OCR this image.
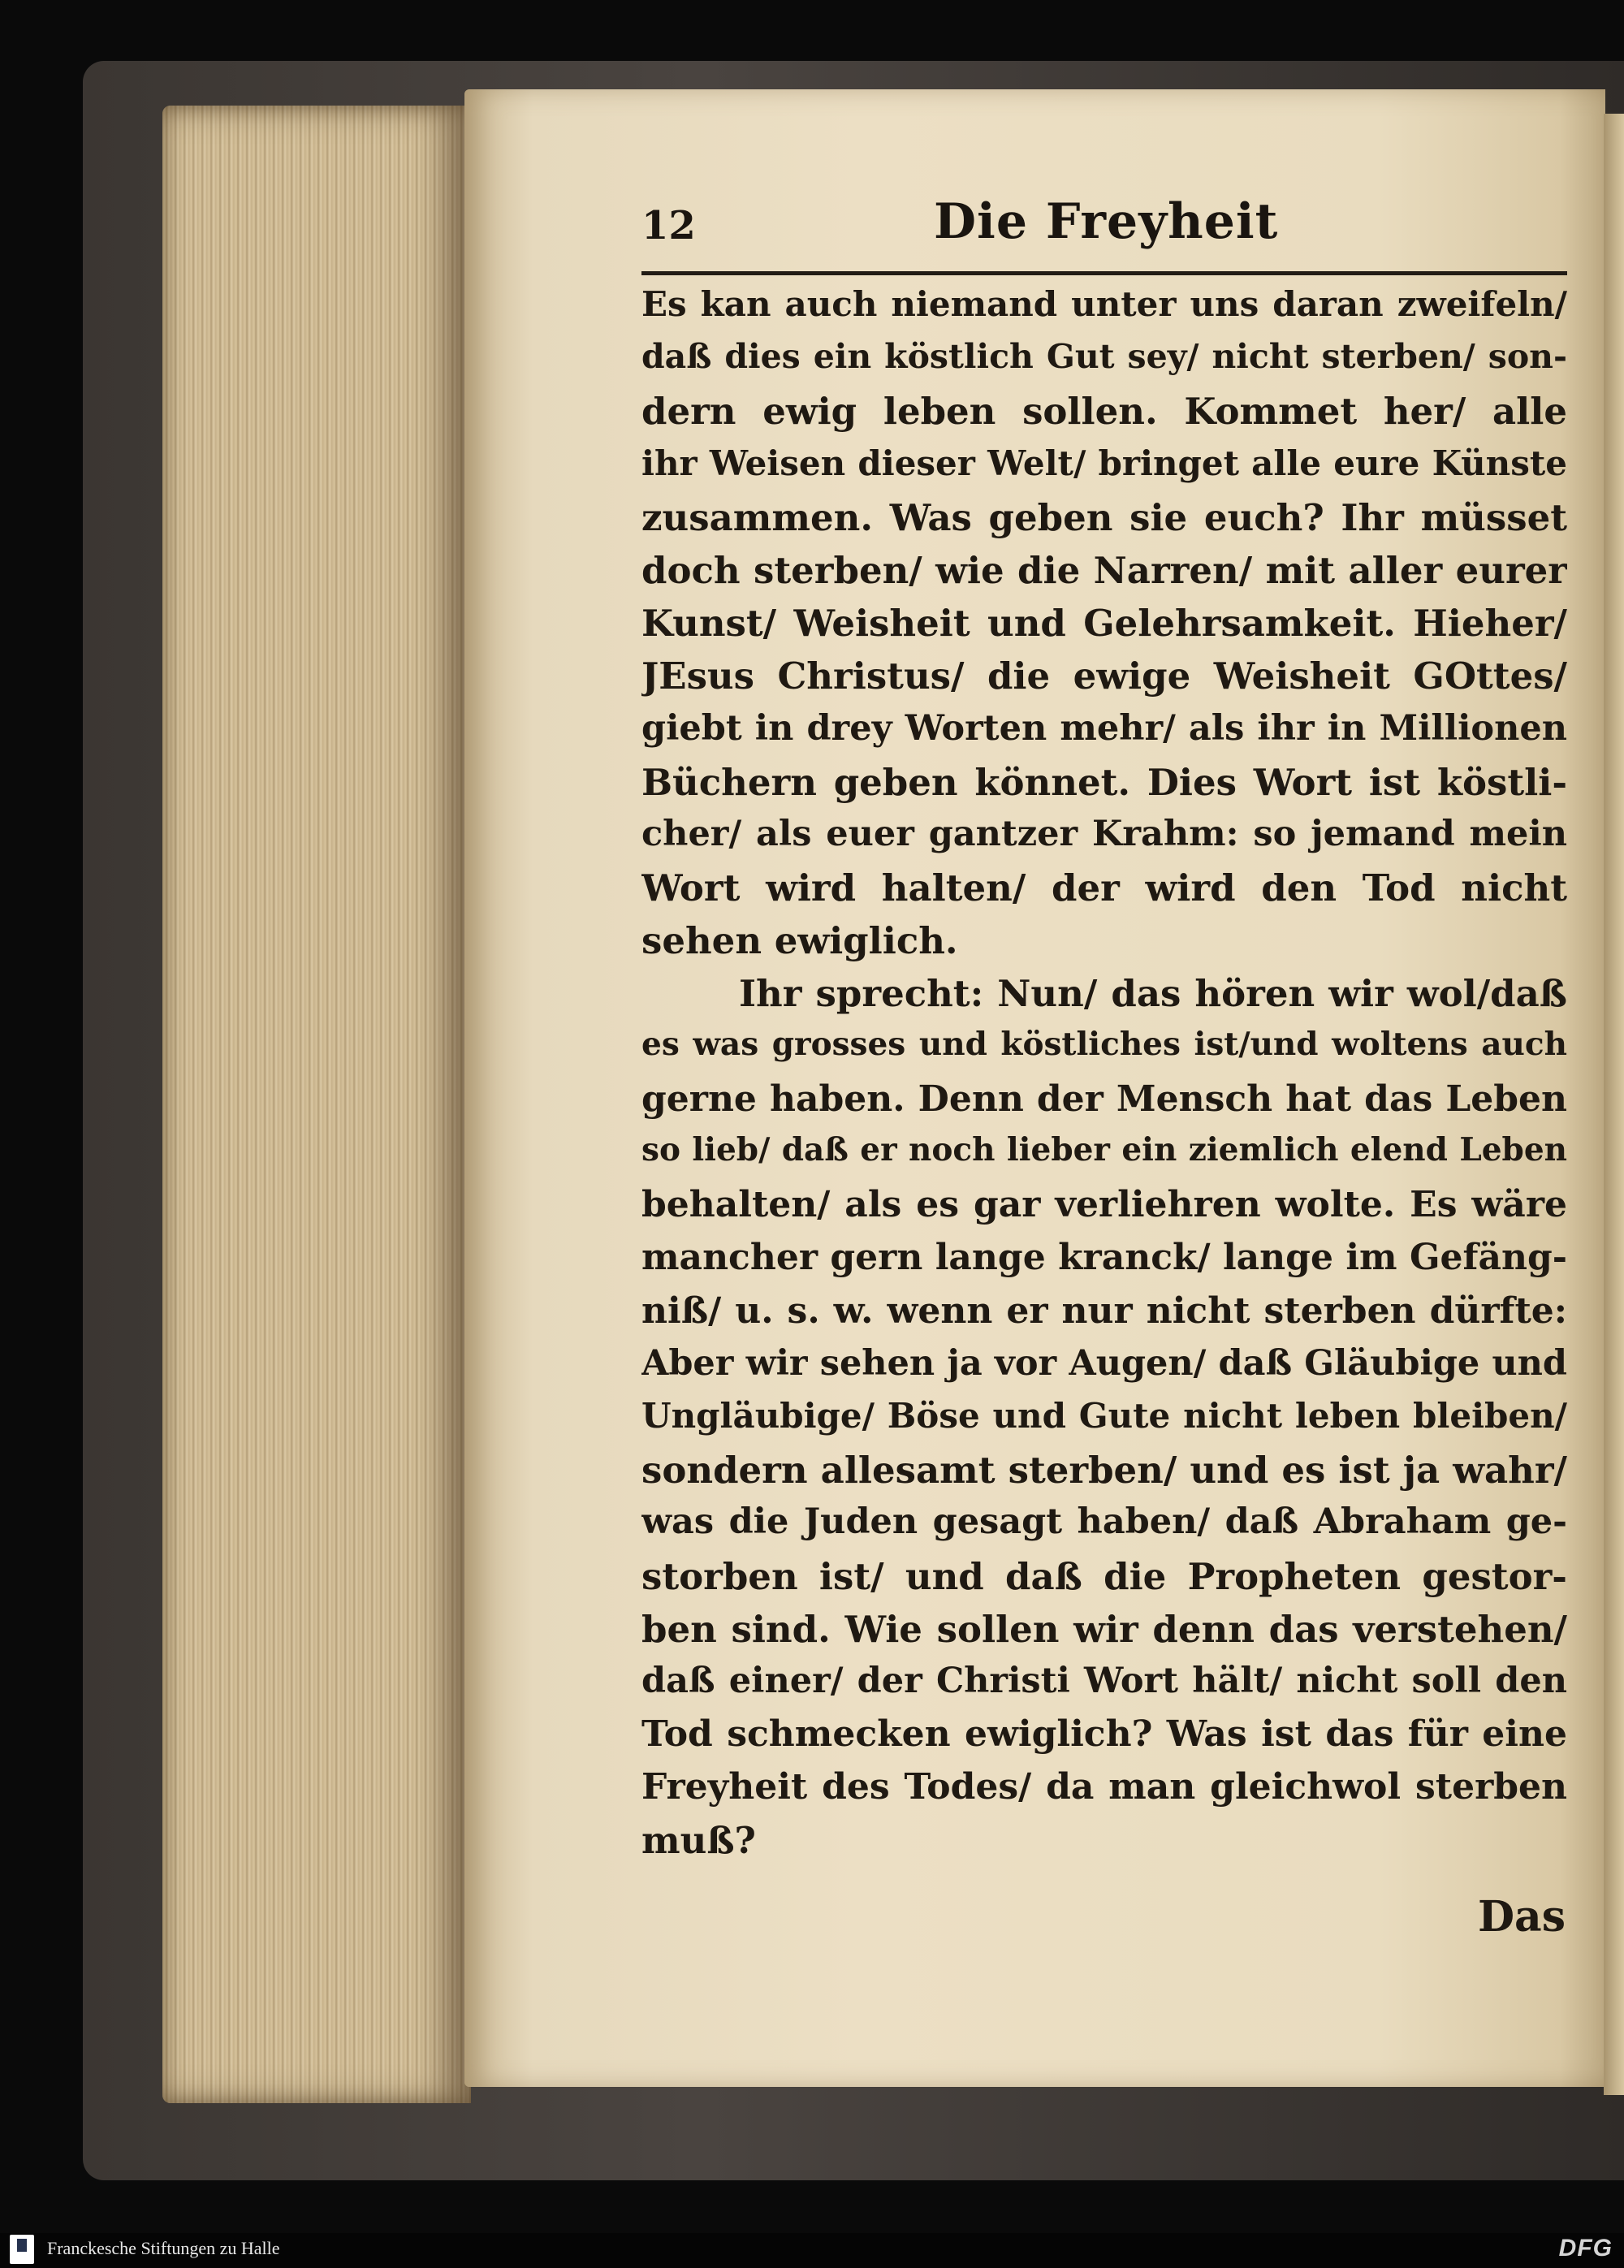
12	Die Freyheit
Es kan auch niemand unter uns daran zweifeln/
daß dies ein köstlich Gut sey/ nicht sterben/ son-
dern ewig leben sollen. Kommet her/ alle
ihr Weisen dieser Welt/ bringet alle eure Künste
zusammen. Was geben sie euch? Ihr müsset
doch sterben/ wie die Narren/ mit aller eurer
Kunst/ Weisheit und Gelehrsamkeit. Hieher/
JEsus Christus/ die ewige Weisheit GOttes/
giebt in drey Worten mehr/ als ihr in Millionen
Büchern geben könnet. Dies Wort ist köstli-
cher/ als euer gantzer Krahm: so jemand mein
Wort wird halten/ der wird den Tod nicht
sehen ewiglich.
Ihr sprecht: Nun/ das hören wir wol/daß
es was grosses und köstliches ist/und woltens auch
gerne haben. Denn der Mensch hat das Leben
so lieb/ daß er noch lieber ein ziemlich elend Leben
behalten/ als es gar verliehren wolte. Es wäre
mancher gern lange kranck/ lange im Gefäng-
niß/ u. s. w. wenn er nur nicht sterben dürfte:
Aber wir sehen ja vor Augen/ daß Gläubige und
Ungläubige/ Böse und Gute nicht leben bleiben/
sondern allesamt sterben/ und es ist ja wahr/
was die Juden gesagt haben/ daß Abraham ge-
storben ist/ und daß die Propheten gestor-
ben sind. Wie sollen wir denn das verstehen/
daß einer/ der Christi Wort hält/ nicht soll den
Tod schmecken ewiglich? Was ist das für eine
Freyheit des Todes/ da man gleichwol sterben
muß?
Das
Franckesche Stiftungen zu Halle	DFG
